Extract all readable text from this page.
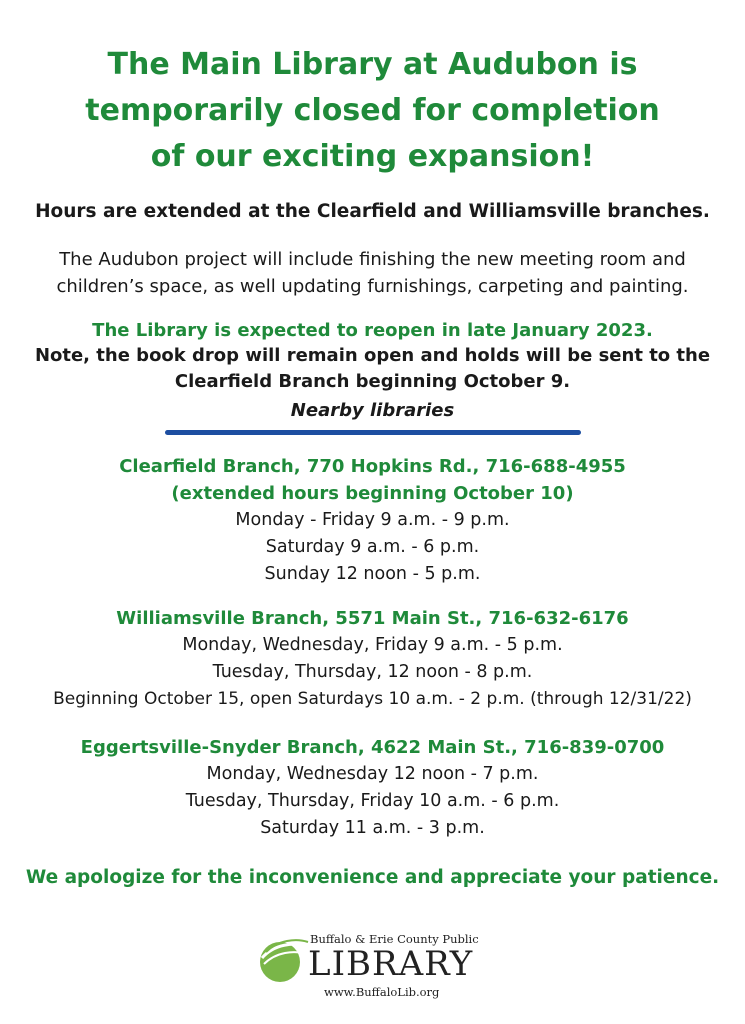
The Main Library at Audubon is
temporarily closed for completion
of our exciting expansion!

Hours are extended at the Clearfield and Williamsville branches.

The Audubon project will include finishing the new meeting room and
children’s space, as well updating furnishings, carpeting and painting.

The Library is expected to reopen in late January 2023.

Note, the book drop will remain open and holds will be sent to the
Clearfield Branch beginning October 9.

Nearby libraries

Clearfield Branch, 770 Hopkins Rd., 716-688-4955

(extended hours beginning October 10)

Monday - Friday 9 a.m. - 9 p.m.

Saturday 9 a.m. - 6 p.m.

Sunday 12 noon - 5 p.m.

Williamsville Branch, 5571 Main St., 716-632-6176

Monday, Wednesday, Friday 9 a.m. - 5 p.m.

Tuesday, Thursday, 12 noon - 8 p.m.

Beginning October 15, open Saturdays 10 a.m. - 2 p.m. (through 12/31/22)

Eggertsville-Snyder Branch, 4622 Main St., 716-839-0700

Monday, Wednesday 12 noon - 7 p.m.

Tuesday, Thursday, Friday 10 a.m. - 6 p.m.

Saturday 11 a.m. - 3 p.m.

We apologize for the inconvenience and appreciate your patience.

Buffalo & Erie County Public
LIBRARY
www.BuffaloLib.org
